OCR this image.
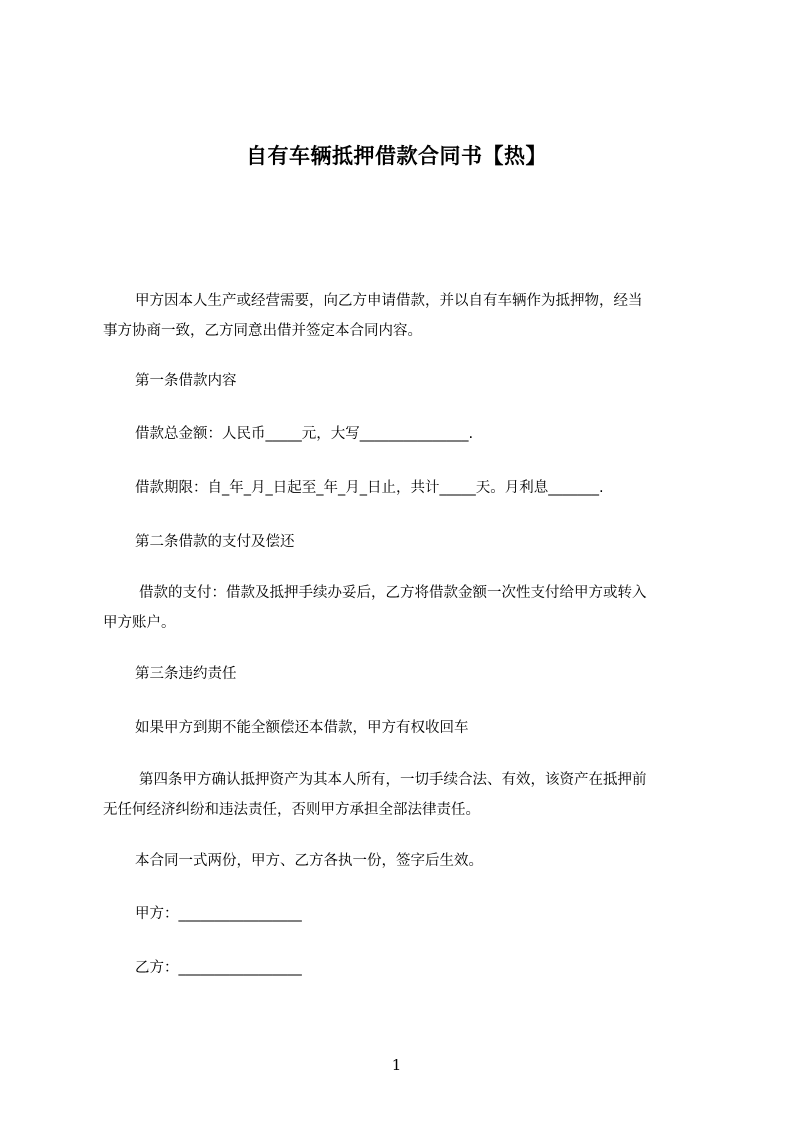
自有车辆抵押借款合同书【热】
甲方因本人生产或经营需要，向乙方申请借款，并以自有车辆作为抵押物，经当
事方协商一致，乙方同意出借并签定本合同内容。
第一条借款内容
借款总金额：人民币_____元，大写_______________.
借款期限：自_年_月_日起至_年_月_日止，共计_____天。月利息_______.
第二条借款的支付及偿还
借款的支付：借款及抵押手续办妥后，乙方将借款金额一次性支付给甲方或转入
甲方账户。
第三条违约责任
如果甲方到期不能全额偿还本借款，甲方有权收回车
第四条甲方确认抵押资产为其本人所有，一切手续合法、有效，该资产在抵押前
无任何经济纠纷和违法责任，否则甲方承担全部法律责任。
本合同一式两份，甲方、乙方各执一份，签字后生效。
甲方：_________________
乙方：_________________
1
